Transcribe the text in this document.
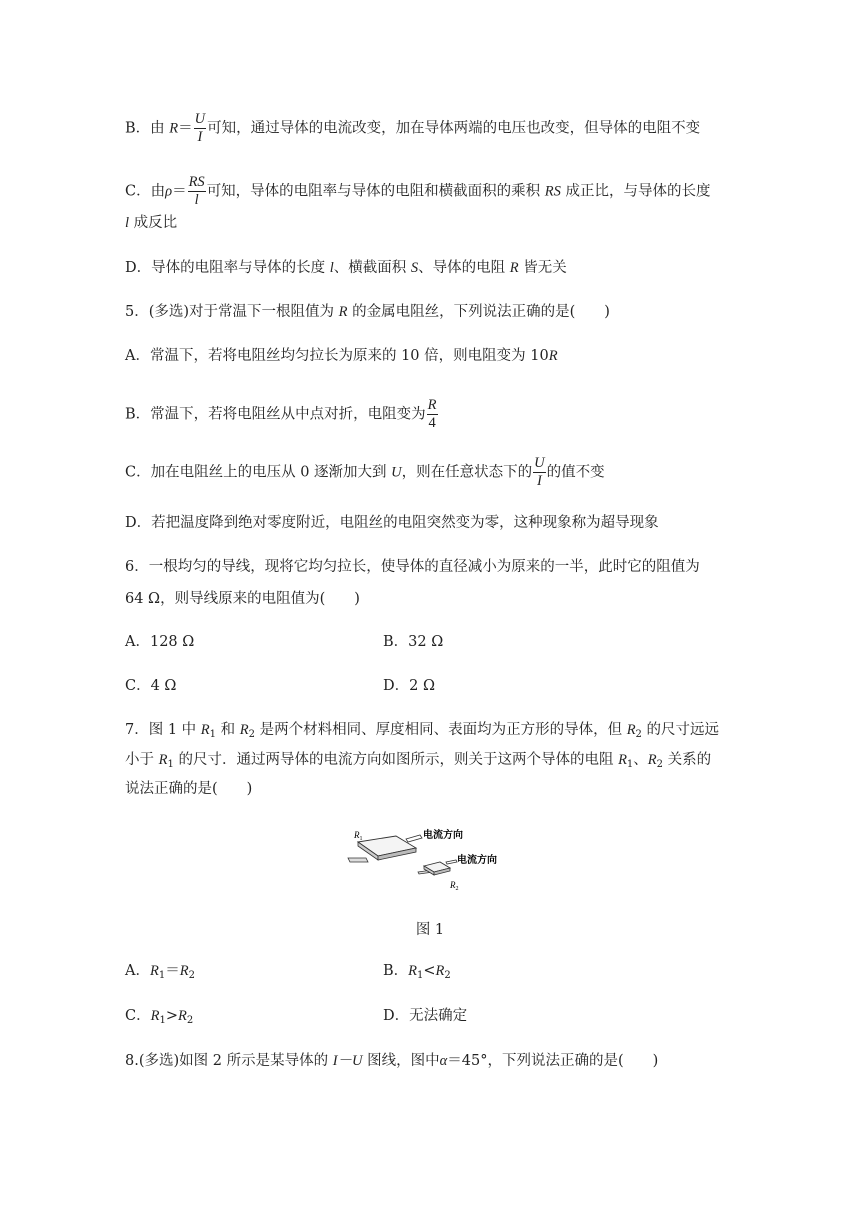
B．由 $R= \frac{U}{I}$ 可知，通过导体的电流改变，加在导体两端的电压也改变，但导体的电阻不变
C．由$\rho= \frac{RS}{l}$ 可知，导体的电阻率与导体的电阻和横截面积的乘积 RS 成正比，与导体的长度
l 成反比
D．导体的电阻率与导体的长度 l、横截面积 S、导体的电阻 R 皆无关
5．(多选)对于常温下一根阻值为 R 的金属电阻丝，下列说法正确的是(　　)
A．常温下，若将电阻丝均匀拉长为原来的 10 倍，则电阻变为 10R
B．常温下，若将电阻丝从中点对折，电阻变为 $\frac{R}{4}$
C．加在电阻丝上的电压从 0 逐渐加大到 U，则在任意状态下的 $\frac{U}{I}$ 的值不变
D．若把温度降到绝对零度附近，电阻丝的电阻突然变为零，这种现象称为超导现象
6．一根均匀的导线，现将它均匀拉长，使导体的直径减小为原来的一半，此时它的阻值为
64 Ω，则导线原来的电阻值为(　　)
A．128 Ω	B．32 Ω
C．4 Ω	D．2 Ω
7．图 1 中 $R_1$ 和 $R_2$ 是两个材料相同、厚度相同、表面均为正方形的导体，但 $R_2$ 的尺寸远远
小于 $R_1$ 的尺寸．通过两导体的电流方向如图所示，则关于这两个导体的电阻 $R_1$、$R_2$ 关系的
说法正确的是(　　)
$R_1$
$R_2$
电流方向
电流方向
图 1
A．$R_1=R_2$	B．$R_1<R_2$
C．$R_1>R_2$	D．无法确定
8.(多选)如图 2 所示是某导体的 I－U 图线，图中α＝45°，下列说法正确的是(　　)
